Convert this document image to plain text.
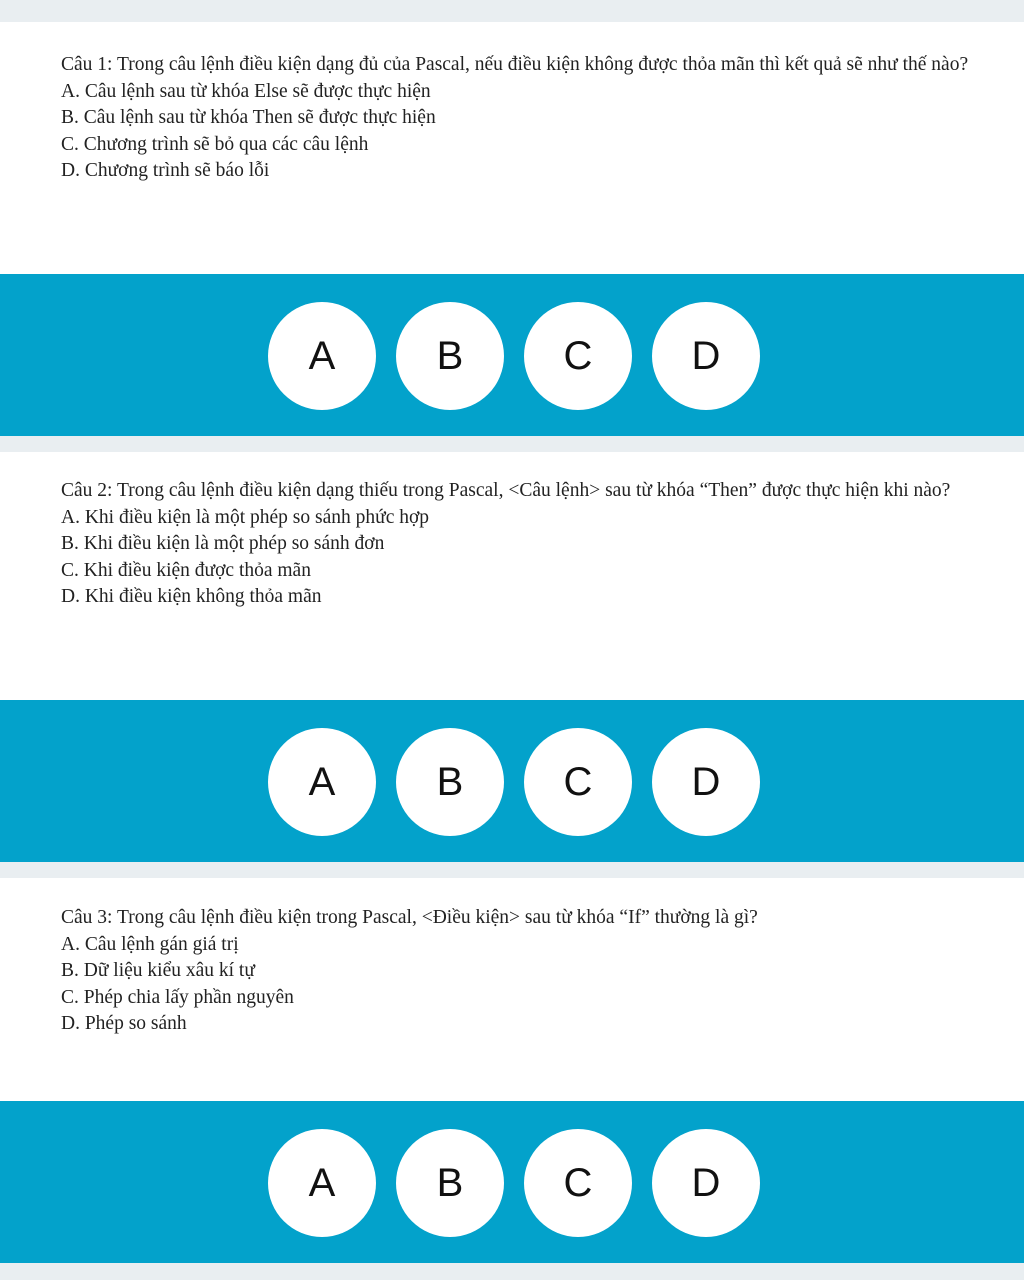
Câu 1: Trong câu lệnh điều kiện dạng đủ của Pascal, nếu điều kiện không được thỏa mãn thì kết quả sẽ như thế nào?

A. Câu lệnh sau từ khóa Else sẽ được thực hiện

B. Câu lệnh sau từ khóa Then sẽ được thực hiện

C. Chương trình sẽ bỏ qua các câu lệnh

D. Chương trình sẽ báo lỗi

A	B	C	D

Câu 2: Trong câu lệnh điều kiện dạng thiếu trong Pascal, <Câu lệnh> sau từ khóa “Then” được thực hiện khi nào?

A. Khi điều kiện là một phép so sánh phức hợp

B. Khi điều kiện là một phép so sánh đơn

C. Khi điều kiện được thỏa mãn

D. Khi điều kiện không thỏa mãn

A	B	C	D

Câu 3: Trong câu lệnh điều kiện trong Pascal, <Điều kiện> sau từ khóa “If” thường là gì?

A. Câu lệnh gán giá trị

B. Dữ liệu kiểu xâu kí tự

C. Phép chia lấy phần nguyên

D. Phép so sánh

A	B	C	D
